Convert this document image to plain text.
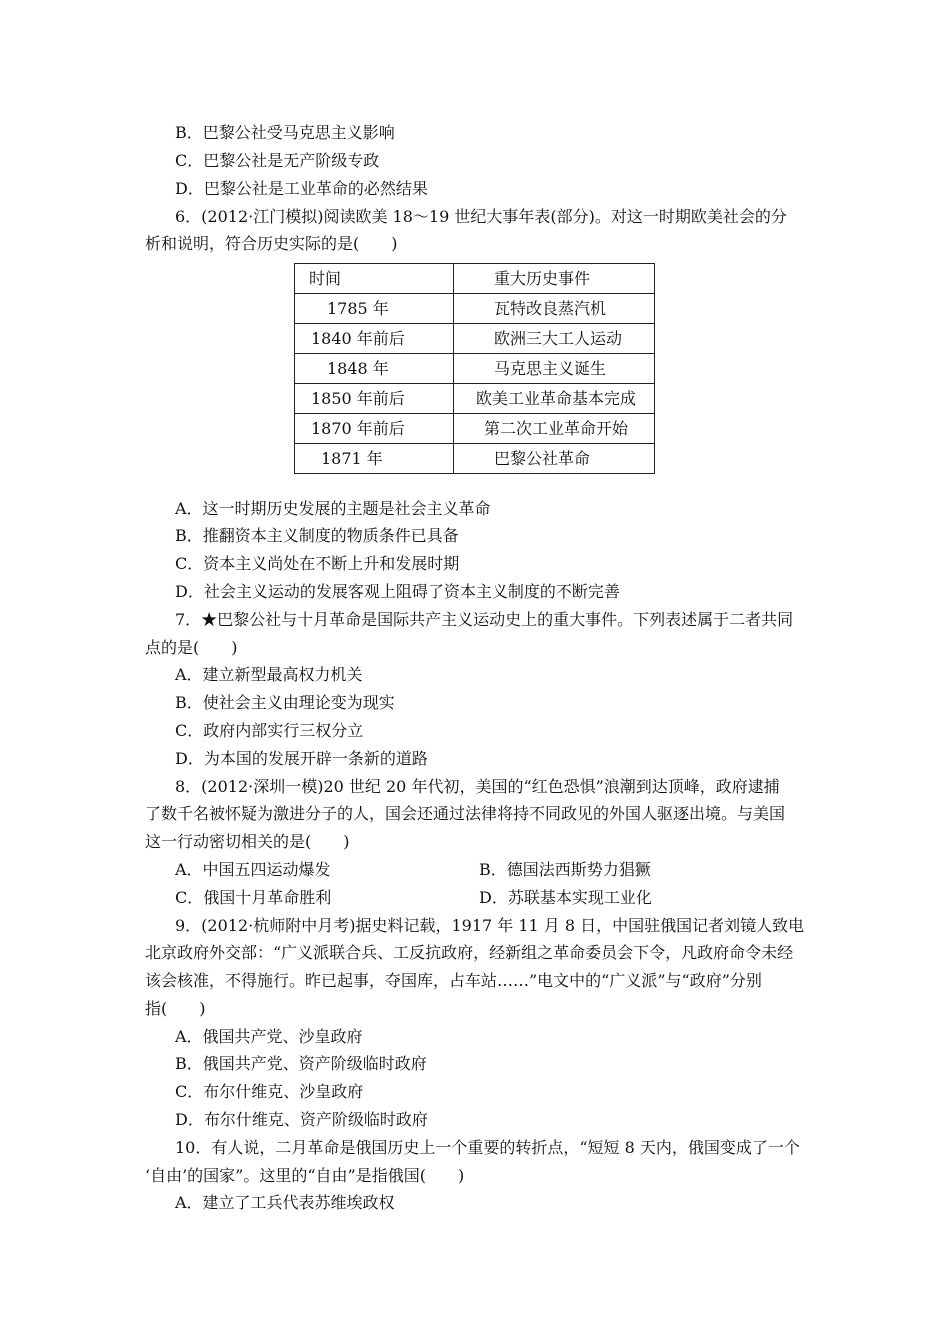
B．巴黎公社受马克思主义影响
C．巴黎公社是无产阶级专政
D．巴黎公社是工业革命的必然结果
6．(2012·江门模拟)阅读欧美 18～19 世纪大事年表(部分)。对这一时期欧美社会的分
析和说明，符合历史实际的是(　　)
时间	重大历史事件
1785 年	瓦特改良蒸汽机
1840 年前后	欧洲三大工人运动
1848 年	马克思主义诞生
1850 年前后	欧美工业革命基本完成
1870 年前后	第二次工业革命开始
1871 年	巴黎公社革命
A．这一时期历史发展的主题是社会主义革命
B．推翻资本主义制度的物质条件已具备
C．资本主义尚处在不断上升和发展时期
D．社会主义运动的发展客观上阻碍了资本主义制度的不断完善
7．★巴黎公社与十月革命是国际共产主义运动史上的重大事件。下列表述属于二者共同
点的是(　　)
A．建立新型最高权力机关
B．使社会主义由理论变为现实
C．政府内部实行三权分立
D．为本国的发展开辟一条新的道路
8．(2012·深圳一模)20 世纪 20 年代初，美国的“红色恐惧”浪潮到达顶峰，政府逮捕
了数千名被怀疑为激进分子的人，国会还通过法律将持不同政见的外国人驱逐出境。与美国
这一行动密切相关的是(　　)
A．中国五四运动爆发	B．德国法西斯势力猖獗
C．俄国十月革命胜利	D．苏联基本实现工业化
9．(2012·杭师附中月考)据史料记载，1917 年 11 月 8 日，中国驻俄国记者刘镜人致电
北京政府外交部：“广义派联合兵、工反抗政府，经新组之革命委员会下令，凡政府命令未经
该会核准，不得施行。昨已起事，夺国库，占车站……”电文中的“广义派”与“政府”分别
指(　　)
A．俄国共产党、沙皇政府
B．俄国共产党、资产阶级临时政府
C．布尔什维克、沙皇政府
D．布尔什维克、资产阶级临时政府
10．有人说，二月革命是俄国历史上一个重要的转折点，“短短 8 天内，俄国变成了一个
‘自由’的国家”。这里的“自由”是指俄国(　　)
A．建立了工兵代表苏维埃政权
